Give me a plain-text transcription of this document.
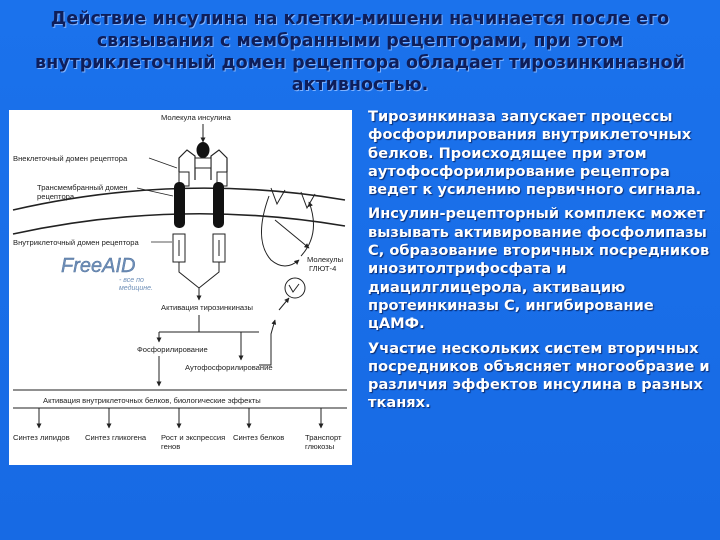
Действие инсулина на клетки-мишени начинается после его связывания с мембранными рецепторами, при этом внутриклеточный домен рецептора обладает тирозинкиназной активностью.
Молекула инсулина
Внеклеточный домен рецептора
Трансмембранный домен
рецептора
Внутриклеточный домен рецептора
Активация тирозинкиназы
Фосфорилирование
Аутофосфорилирование
Молекулы
ГЛЮТ-4
FreeAID
- все по
медицине.
Активация внутриклеточных белков, биологические эффекты
Синтез липидов Синтез гликогена Рост и экспрессия
генов
Синтез белков	Транспорт
глюкозы

Тирозинкиназа запускает процессы фосфорилирования внутриклеточных белков. Происходящее при этом аутофосфорилирование рецептора ведет к усилению первичного сигнала.

Инсулин-рецепторный комплекс может вызывать активирование фосфолипазы С, образование вторичных посредников инозитолтрифосфата и диацилглицерола, активацию протеинкиназы С, ингибирование цАМФ.

Участие нескольких систем вторичных посредников объясняет многообразие и различия эффектов инсулина в разных тканях.
